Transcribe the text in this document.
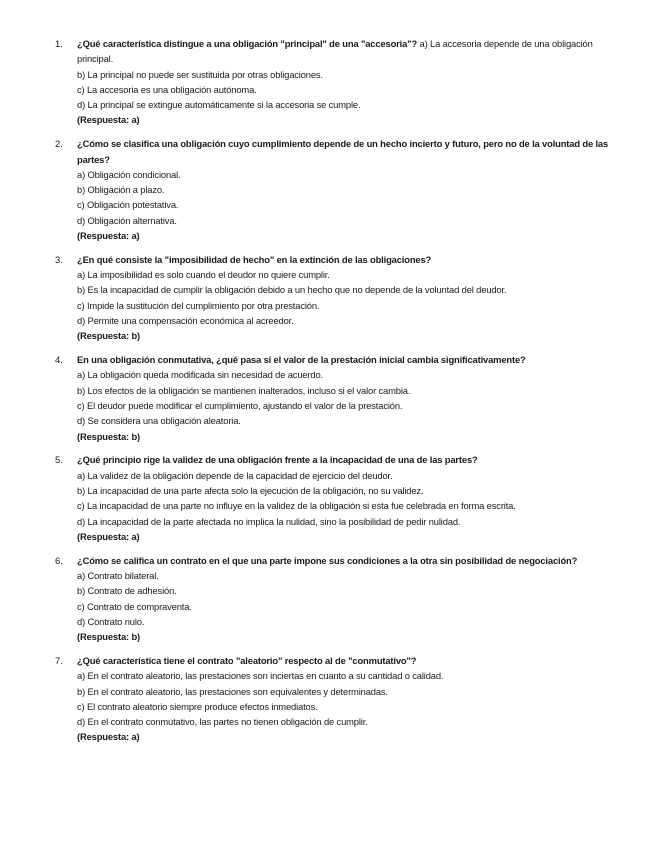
1.	¿Qué característica distingue a una obligación "principal" de una "accesoria"? a) La accesoria depende de una obligación principal.
b) La principal no puede ser sustituida por otras obligaciones.
c) La accesoria es una obligación autónoma.
d) La principal se extingue automáticamente si la accesoria se cumple.
(Respuesta: a)
2.	¿Cómo se clasifica una obligación cuyo cumplimiento depende de un hecho incierto y futuro, pero no de la voluntad de las partes?
a) Obligación condicional.
b) Obligación a plazo.
c) Obligación potestativa.
d) Obligación alternativa.
(Respuesta: a)
3.	¿En qué consiste la "imposibilidad de hecho" en la extinción de las obligaciones?
a) La imposibilidad es solo cuando el deudor no quiere cumplir.
b) Es la incapacidad de cumplir la obligación debido a un hecho que no depende de la voluntad del deudor.
c) Impide la sustitución del cumplimiento por otra prestación.
d) Permite una compensación económica al acreedor.
(Respuesta: b)
4.	En una obligación conmutativa, ¿qué pasa si el valor de la prestación inicial cambia significativamente?
a) La obligación queda modificada sin necesidad de acuerdo.
b) Los efectos de la obligación se mantienen inalterados, incluso si el valor cambia.
c) El deudor puede modificar el cumplimiento, ajustando el valor de la prestación.
d) Se considera una obligación aleatoria.
(Respuesta: b)
5.	¿Qué principio rige la validez de una obligación frente a la incapacidad de una de las partes?
a) La validez de la obligación depende de la capacidad de ejercicio del deudor.
b) La incapacidad de una parte afecta solo la ejecución de la obligación, no su validez.
c) La incapacidad de una parte no influye en la validez de la obligación si esta fue celebrada en forma escrita.
d) La incapacidad de la parte afectada no implica la nulidad, sino la posibilidad de pedir nulidad.
(Respuesta: a)
6.	¿Cómo se califica un contrato en el que una parte impone sus condiciones a la otra sin posibilidad de negociación?
a) Contrato bilateral.
b) Contrato de adhesión.
c) Contrato de compraventa.
d) Contrato nulo.
(Respuesta: b)
7.	¿Qué característica tiene el contrato "aleatorio" respecto al de "conmutativo"?
a) En el contrato aleatorio, las prestaciones son inciertas en cuanto a su cantidad o calidad.
b) En el contrato aleatorio, las prestaciones son equivalentes y determinadas.
c) El contrato aleatorio siempre produce efectos inmediatos.
d) En el contrato conmutativo, las partes no tienen obligación de cumplir.
(Respuesta: a)
